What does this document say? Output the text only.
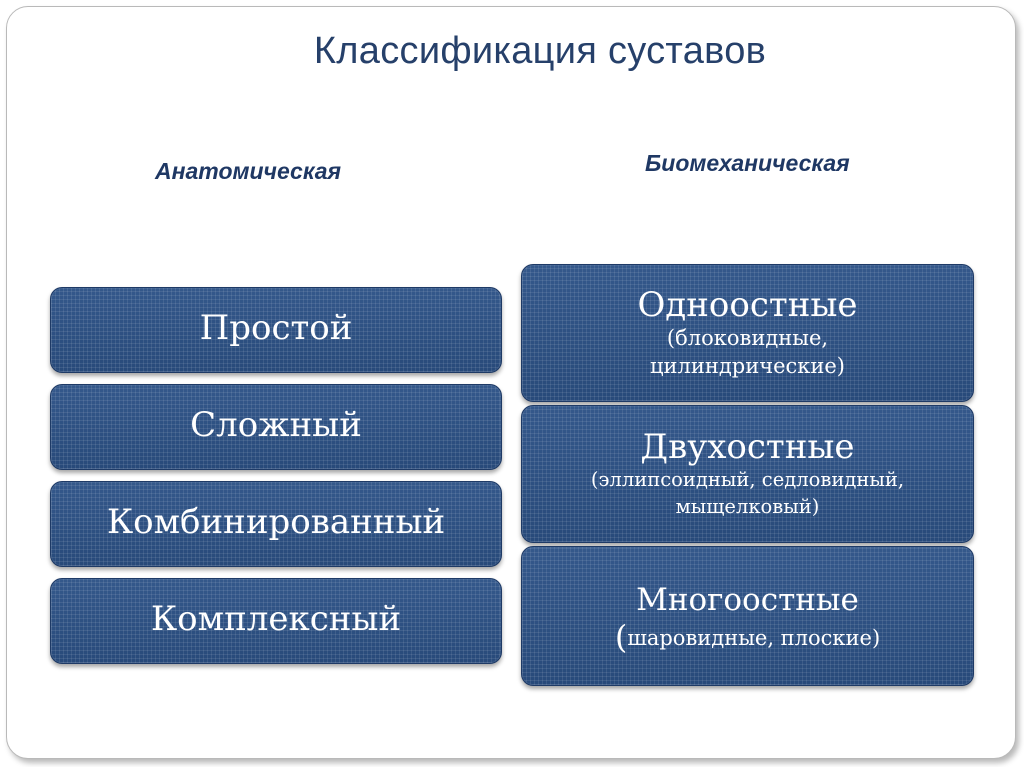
Классификация суставов
Анатомическая	Биомеханическая
Простой
Сложный
Комбинированный
Комплексный
Одноостные
(блоковидные,
цилиндрические)
Двухостные
(эллипсоидный, седловидный,
мыщелковый)
Многоостные
(шаровидные, плоские)
